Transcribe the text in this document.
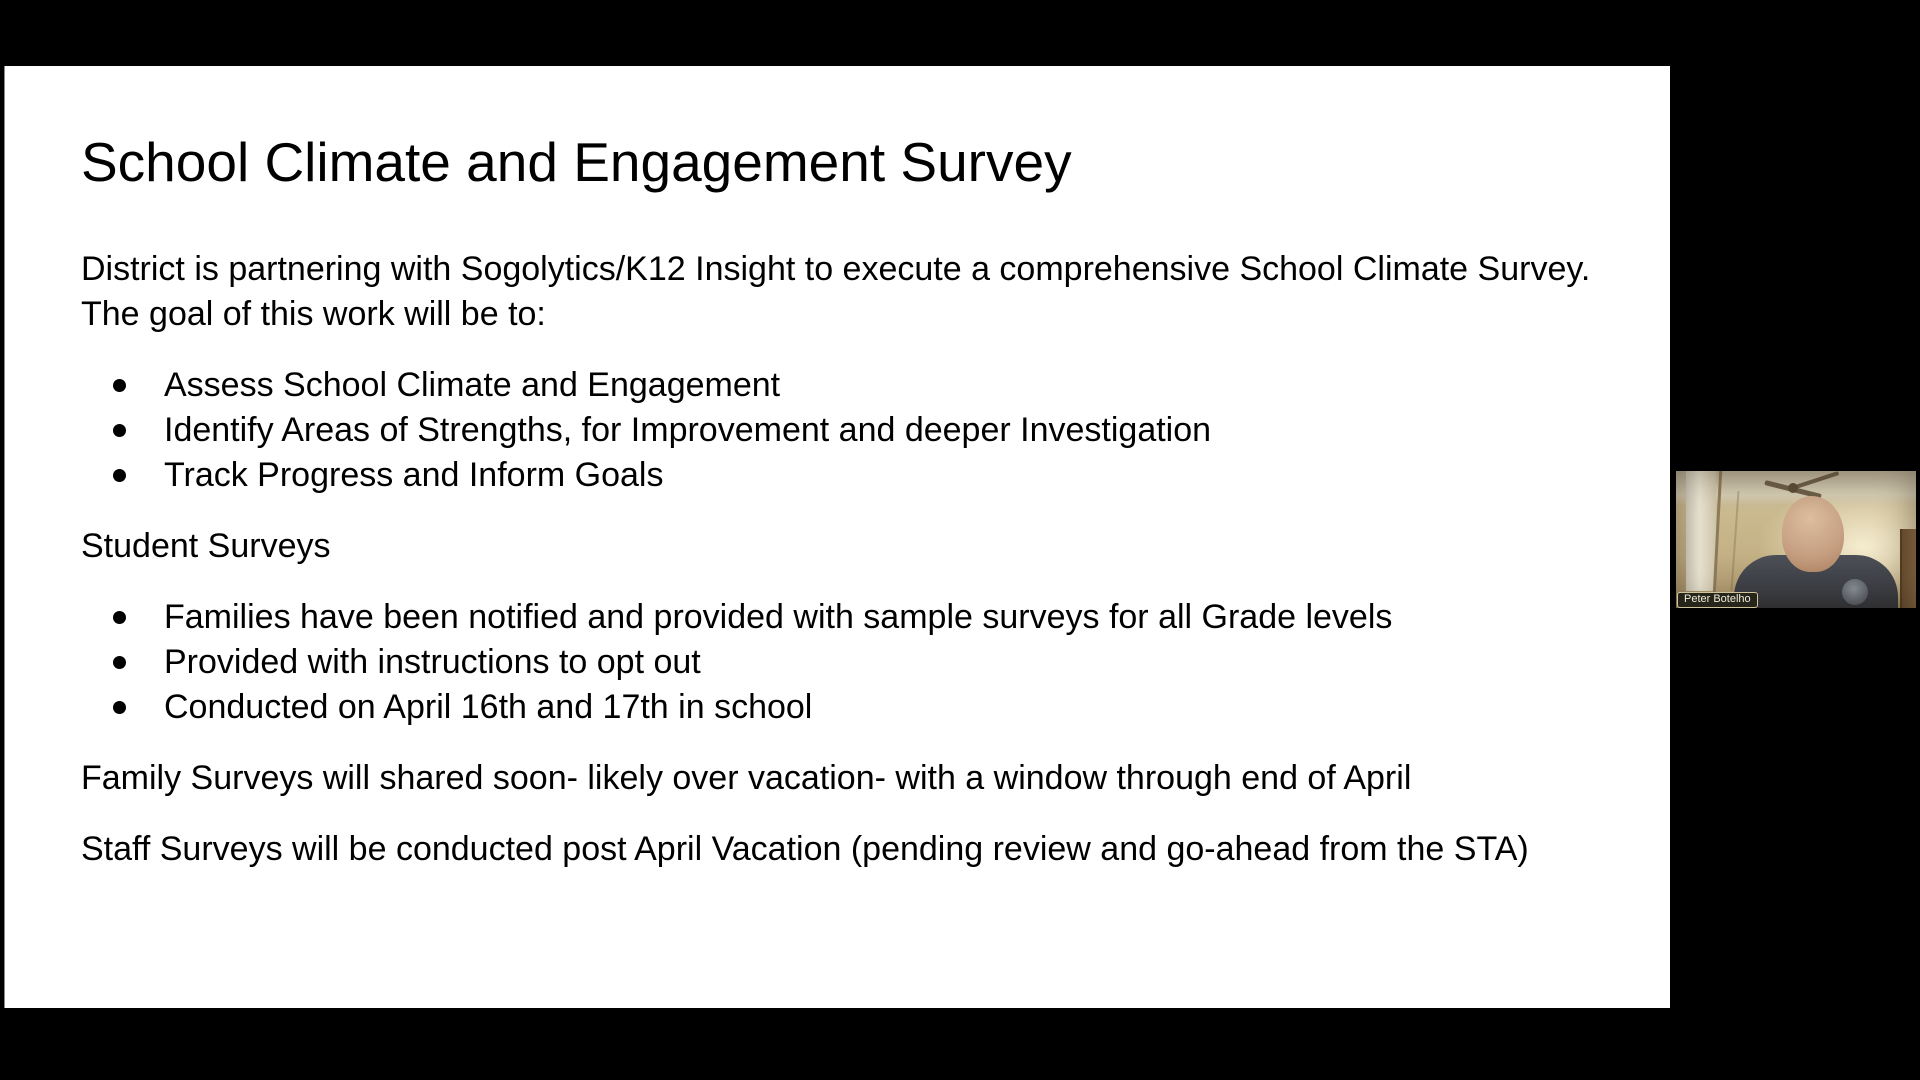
School Climate and Engagement Survey

District is partnering with Sogolytics/K12 Insight to execute a comprehensive School Climate Survey.  The goal of this work will be to:

Assess School Climate and Engagement
Identify Areas of Strengths, for Improvement and deeper Investigation
Track Progress and Inform Goals

Student Surveys

Families have been notified and provided with sample surveys for all Grade levels
Provided with instructions to opt out
Conducted on April 16th and 17th in school

Family Surveys will shared soon- likely over vacation- with a window through end of April

Staff Surveys will be conducted post April Vacation (pending review and go-ahead from the STA)

Peter Botelho
